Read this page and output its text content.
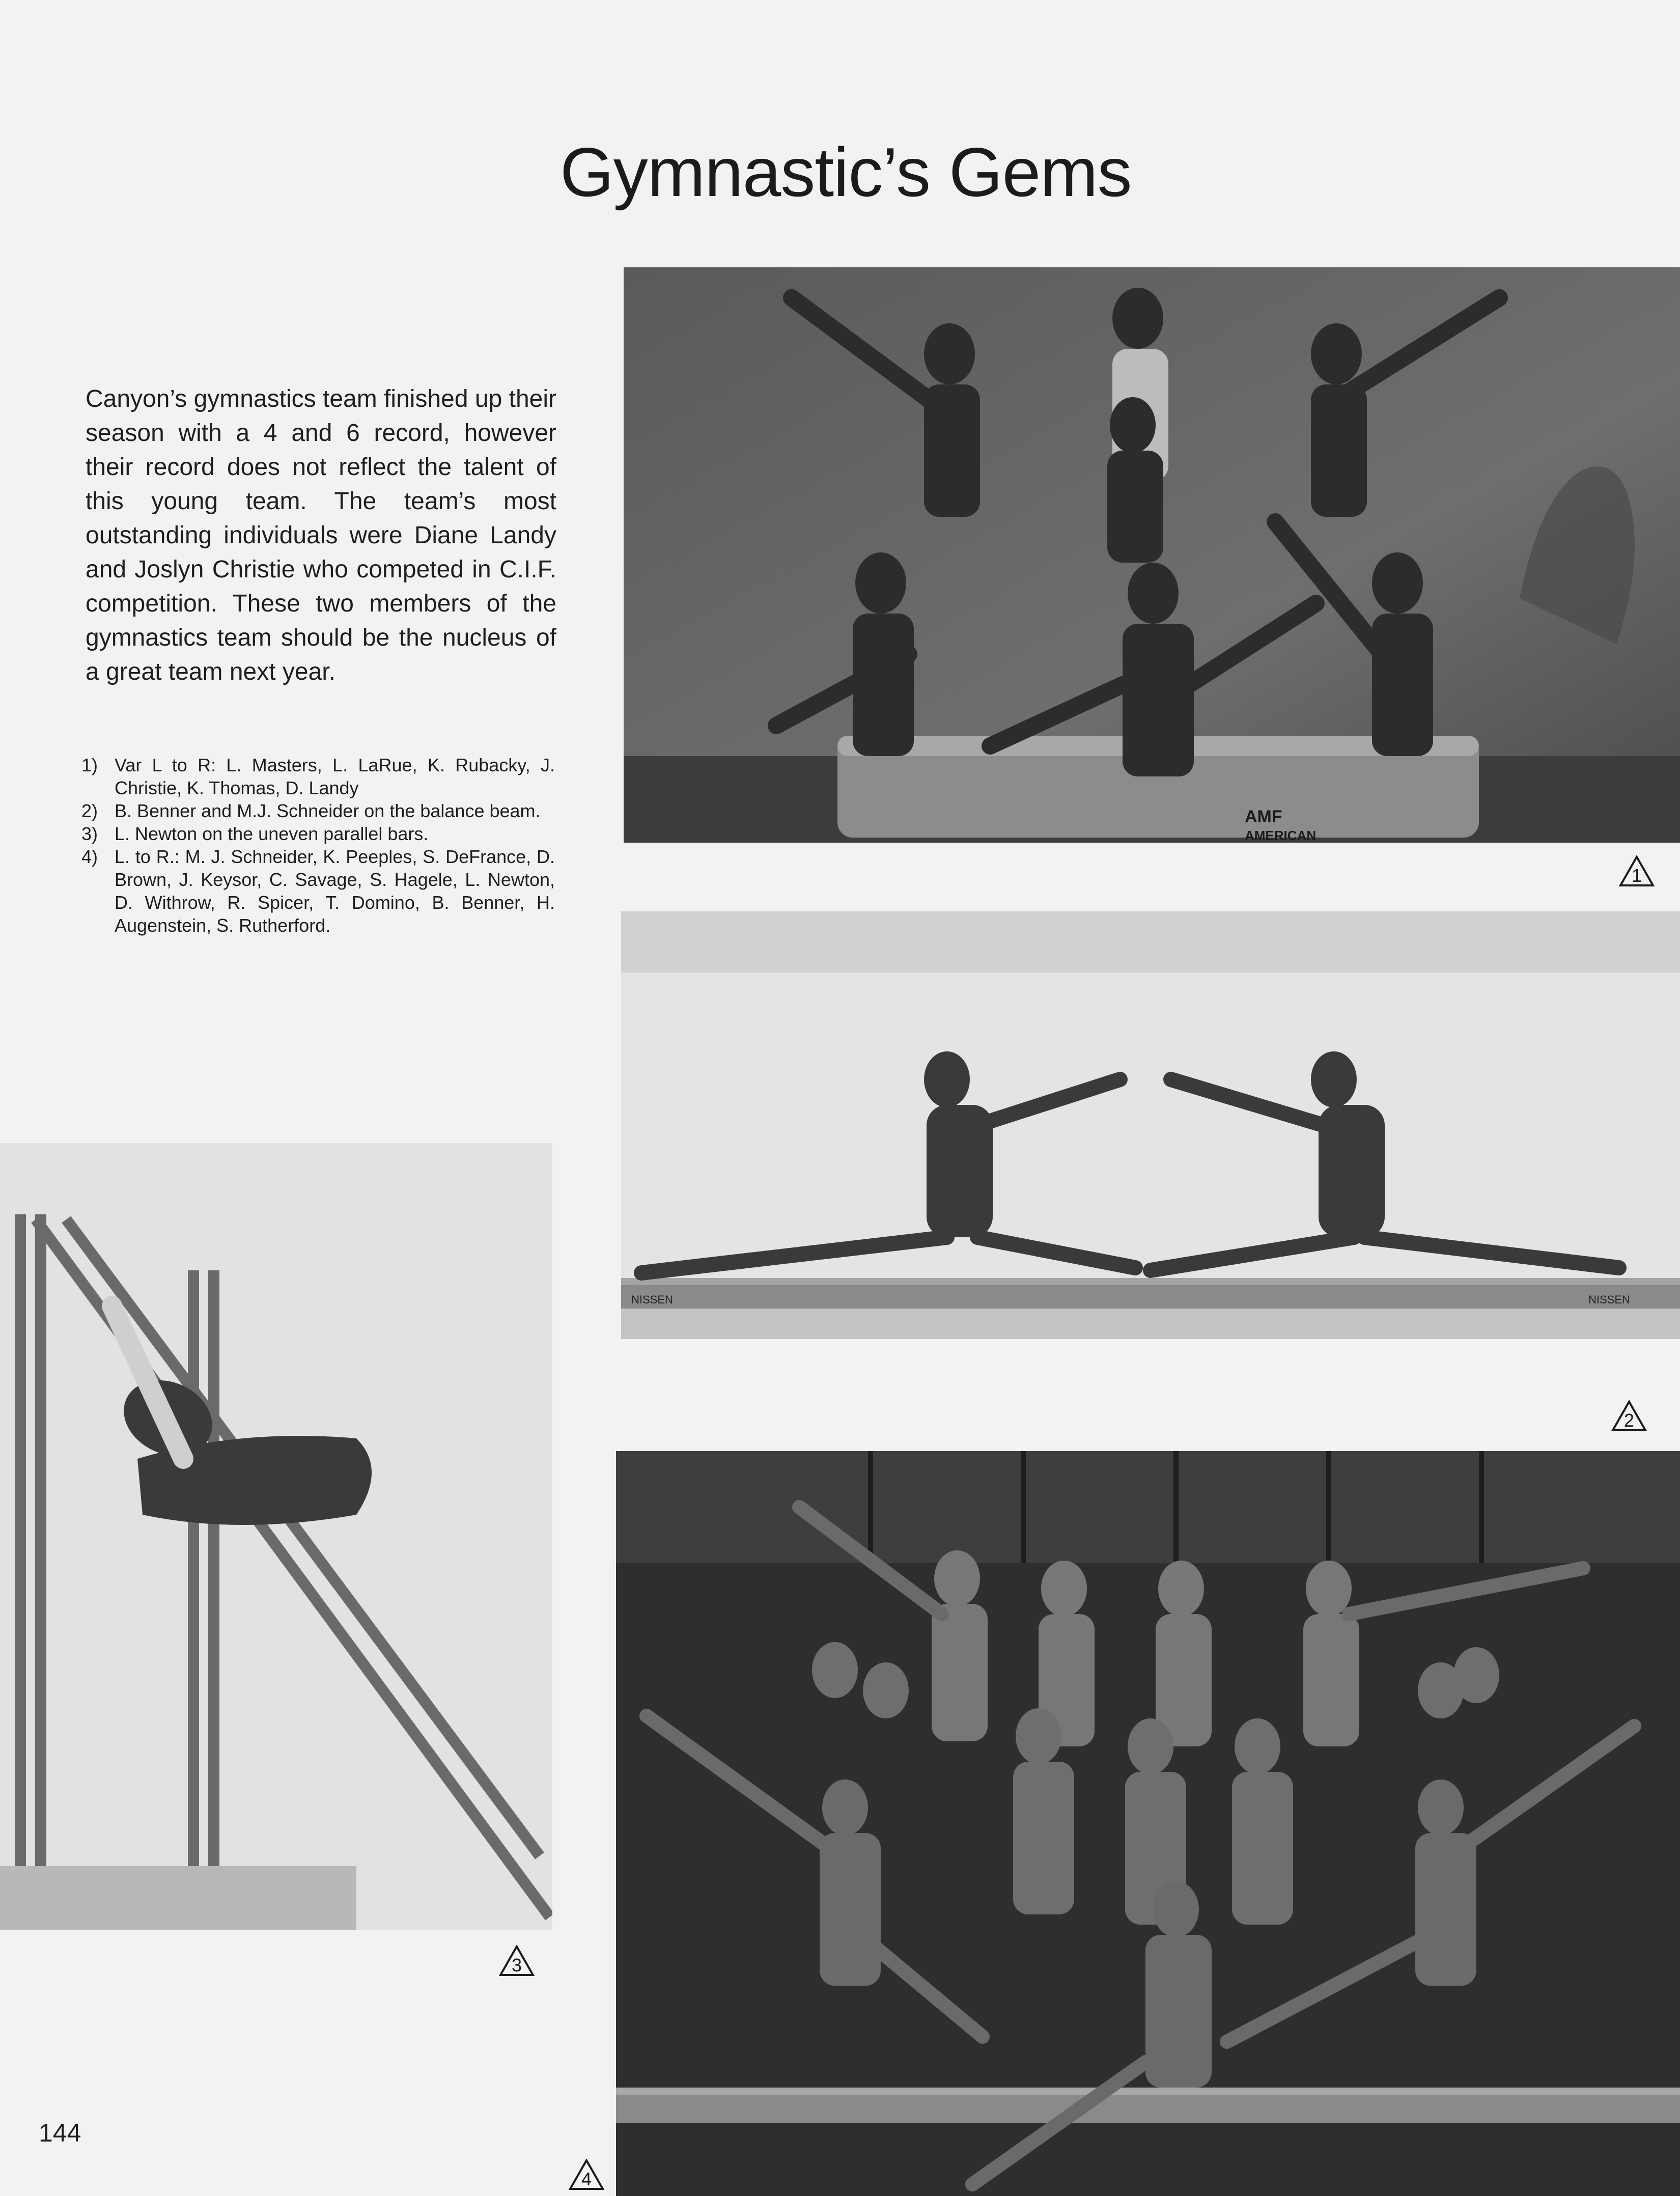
Gymnastic’s Gems

Canyon’s gymnastics team finished up their season with a 4 and 6 record, however their record does not reflect the talent of this young team. The team’s most outstanding individuals were Diane Landy and Joslyn Christie who competed in C.I.F. competition. These two members of the gymnastics team should be the nucleus of a great team next year.

1) Var L to R: L. Masters, L. LaRue, K. Rubacky, J. Christie, K. Thomas, D. Landy
2) B. Benner and M.J. Schneider on the balance beam.
3) L. Newton on the uneven parallel bars.
4) L. to R.: M. J. Schneider, K. Peeples, S. DeFrance, D. Brown, J. Keysor, C. Savage, S. Hagele, L. Newton, D. Withrow, R. Spicer, T. Domino, B. Benner, H. Augenstein, S. Rutherford.
AMF
AMERICAN
1
NISSEN	NISSEN
2
3
4
144
